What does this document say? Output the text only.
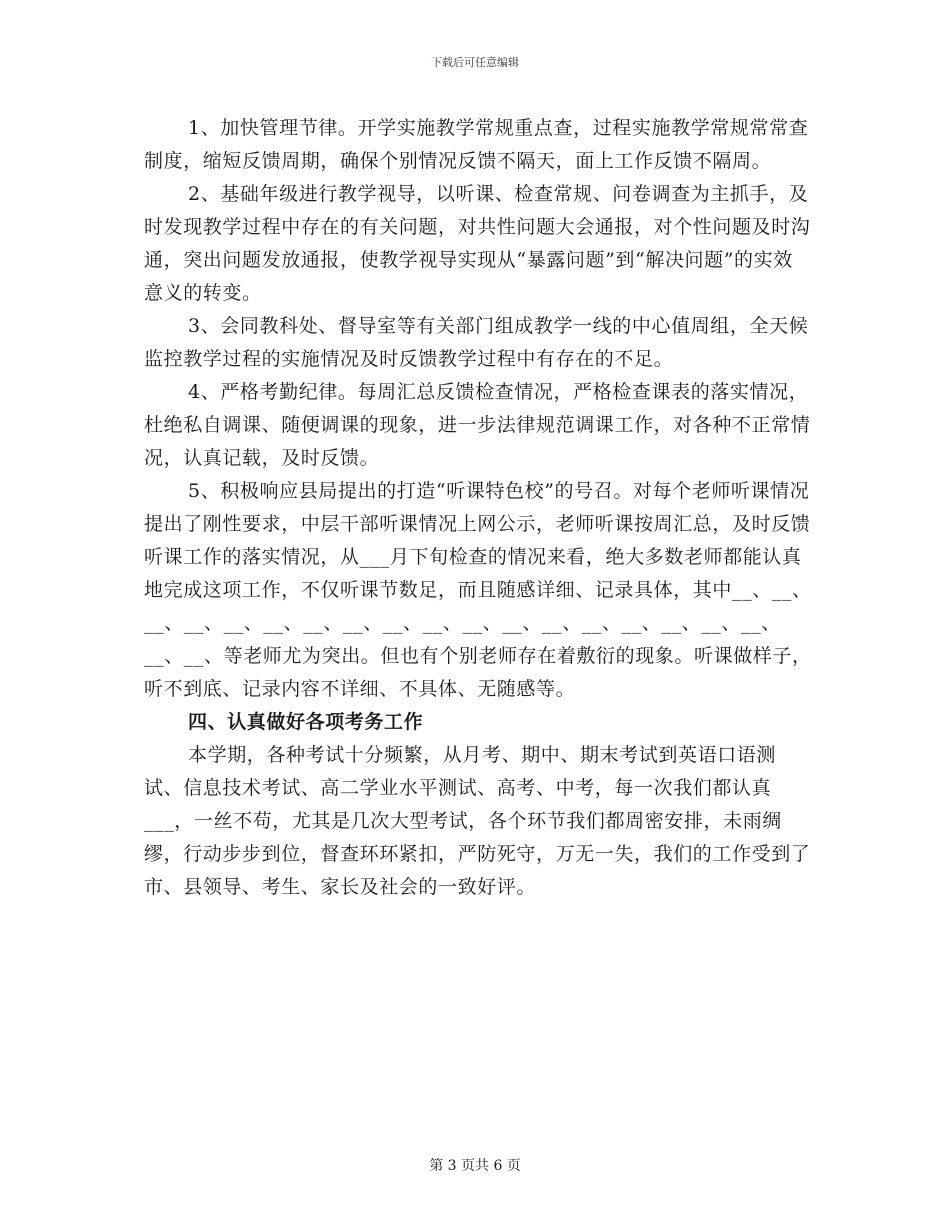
下载后可任意编辑

1、加快管理节律。开学实施教学常规重点查，过程实施教学常规常常查制度，缩短反馈周期，确保个别情况反馈不隔天，面上工作反馈不隔周。

2、基础年级进行教学视导，以听课、检查常规、问卷调查为主抓手，及时发现教学过程中存在的有关问题，对共性问题大会通报，对个性问题及时沟通，突出问题发放通报，使教学视导实现从“暴露问题”到“解决问题”的实效意义的转变。

3、会同教科处、督导室等有关部门组成教学一线的中心值周组，全天候监控教学过程的实施情况及时反馈教学过程中有存在的不足。

4、严格考勤纪律。每周汇总反馈检查情况，严格检查课表的落实情况，杜绝私自调课、随便调课的现象，进一步法律规范调课工作，对各种不正常情况，认真记载，及时反馈。

5、积极响应县局提出的打造“听课特色校”的号召。对每个老师听课情况提出了刚性要求，中层干部听课情况上网公示，老师听课按周汇总，及时反馈听课工作的落实情况，从___月下旬检查的情况来看，绝大多数老师都能认真地完成这项工作，不仅听课节数足，而且随感详细、记录具体，其中__、__、__、__、__、__、__、__、__、__、__、__、__、__、__、__、__、__、__、__、等老师尤为突出。但也有个别老师存在着敷衍的现象。听课做样子，听不到底、记录内容不详细、不具体、无随感等。

四、认真做好各项考务工作

本学期，各种考试十分频繁，从月考、期中、期末考试到英语口语测试、信息技术考试、高二学业水平测试、高考、中考，每一次我们都认真___，一丝不苟，尤其是几次大型考试，各个环节我们都周密安排，未雨绸缪，行动步步到位，督查环环紧扣，严防死守，万无一失，我们的工作受到了市、县领导、考生、家长及社会的一致好评。

第 3 页共 6 页
